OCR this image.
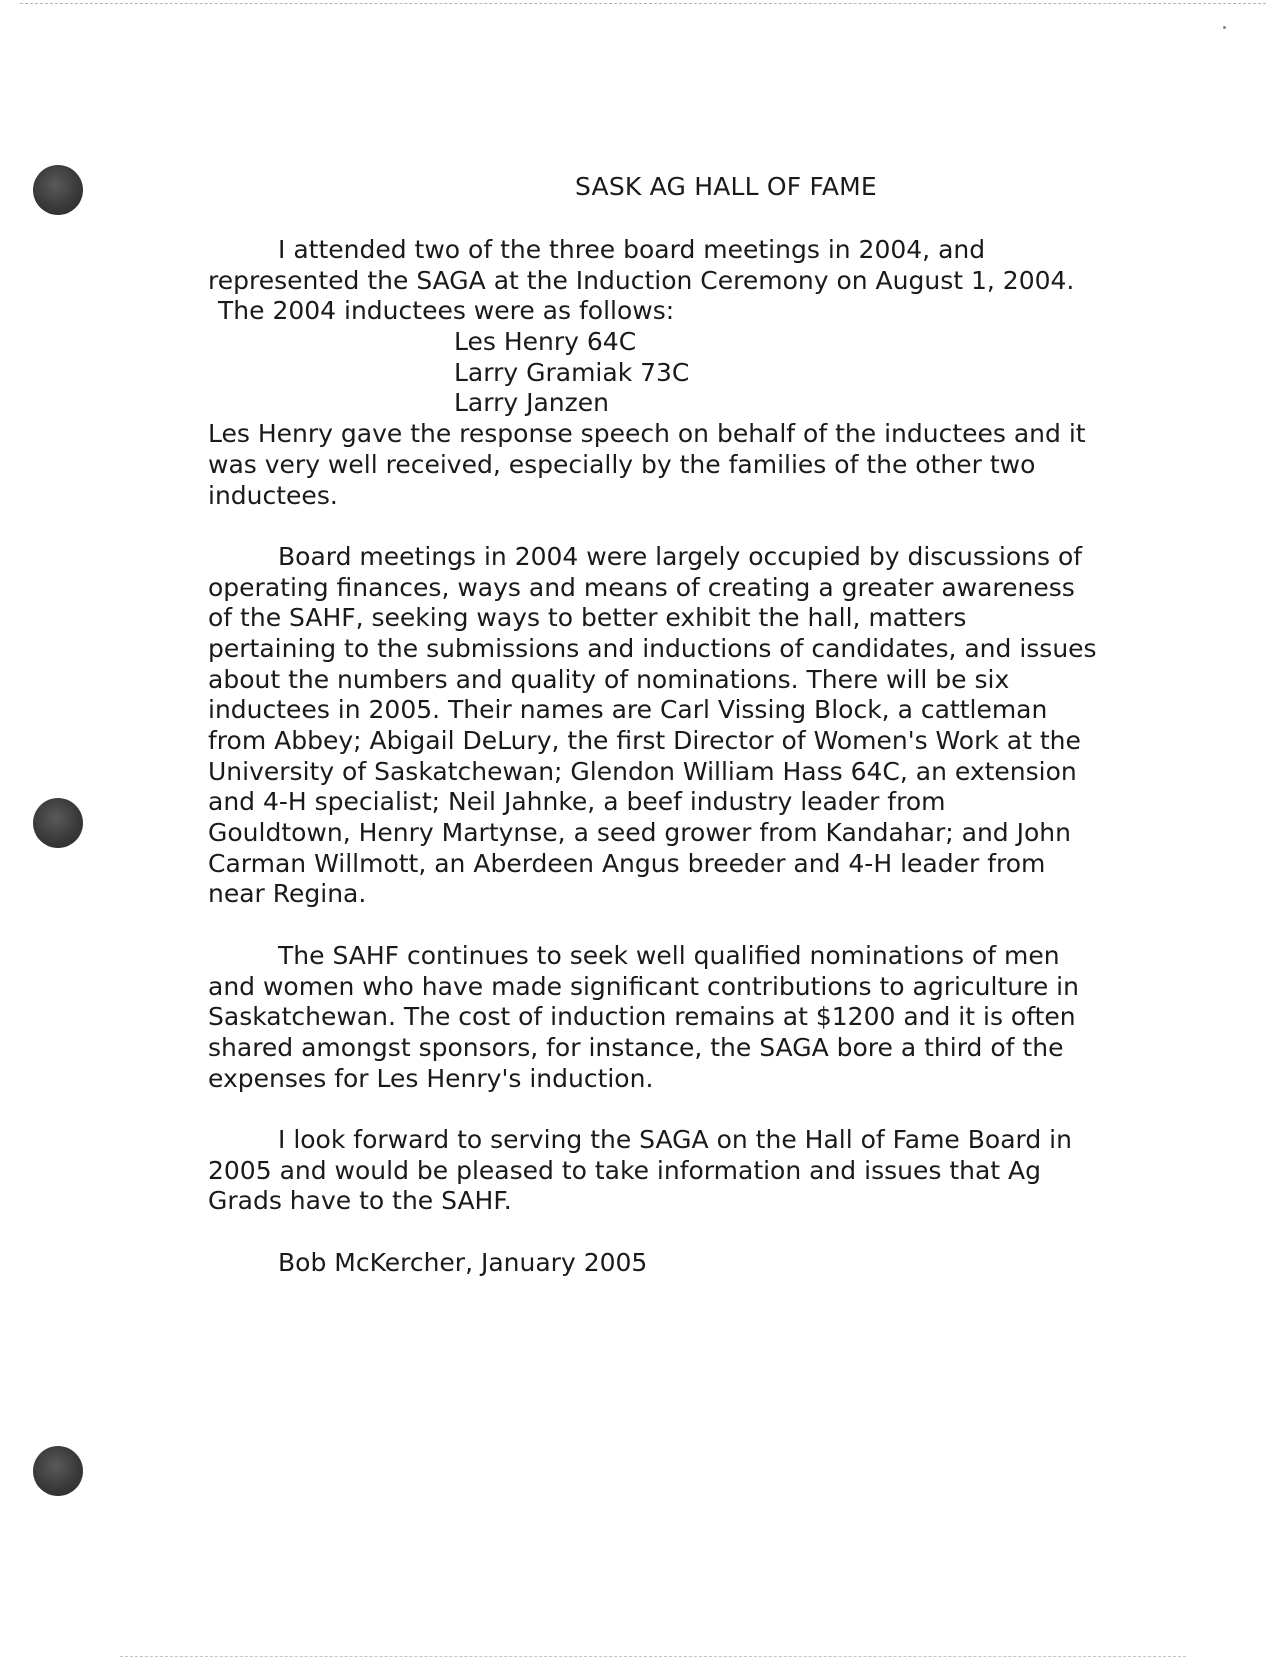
SASK AG HALL OF FAME
I attended two of the three board meetings in 2004, and
represented the SAGA at the Induction Ceremony on August 1, 2004.
The 2004 inductees were as follows:
Les Henry 64C
Larry Gramiak 73C
Larry Janzen
Les Henry gave the response speech on behalf of the inductees and it
was very well received, especially by the families of the other two
inductees.
Board meetings in 2004 were largely occupied by discussions of
operating finances, ways and means of creating a greater awareness
of the SAHF, seeking ways to better exhibit the hall, matters
pertaining to the submissions and inductions of candidates, and issues
about the numbers and quality of nominations. There will be six
inductees in 2005. Their names are Carl Vissing Block, a cattleman
from Abbey; Abigail DeLury, the first Director of Women's Work at the
University of Saskatchewan; Glendon William Hass 64C, an extension
and 4-H specialist; Neil Jahnke, a beef industry leader from
Gouldtown, Henry Martynse, a seed grower from Kandahar; and John
Carman Willmott, an Aberdeen Angus breeder and 4-H leader from
near Regina.
The SAHF continues to seek well qualified nominations of men
and women who have made significant contributions to agriculture in
Saskatchewan. The cost of induction remains at $1200 and it is often
shared amongst sponsors, for instance, the SAGA bore a third of the
expenses for Les Henry's induction.
I look forward to serving the SAGA on the Hall of Fame Board in
2005 and would be pleased to take information and issues that Ag
Grads have to the SAHF.
Bob McKercher, January 2005
